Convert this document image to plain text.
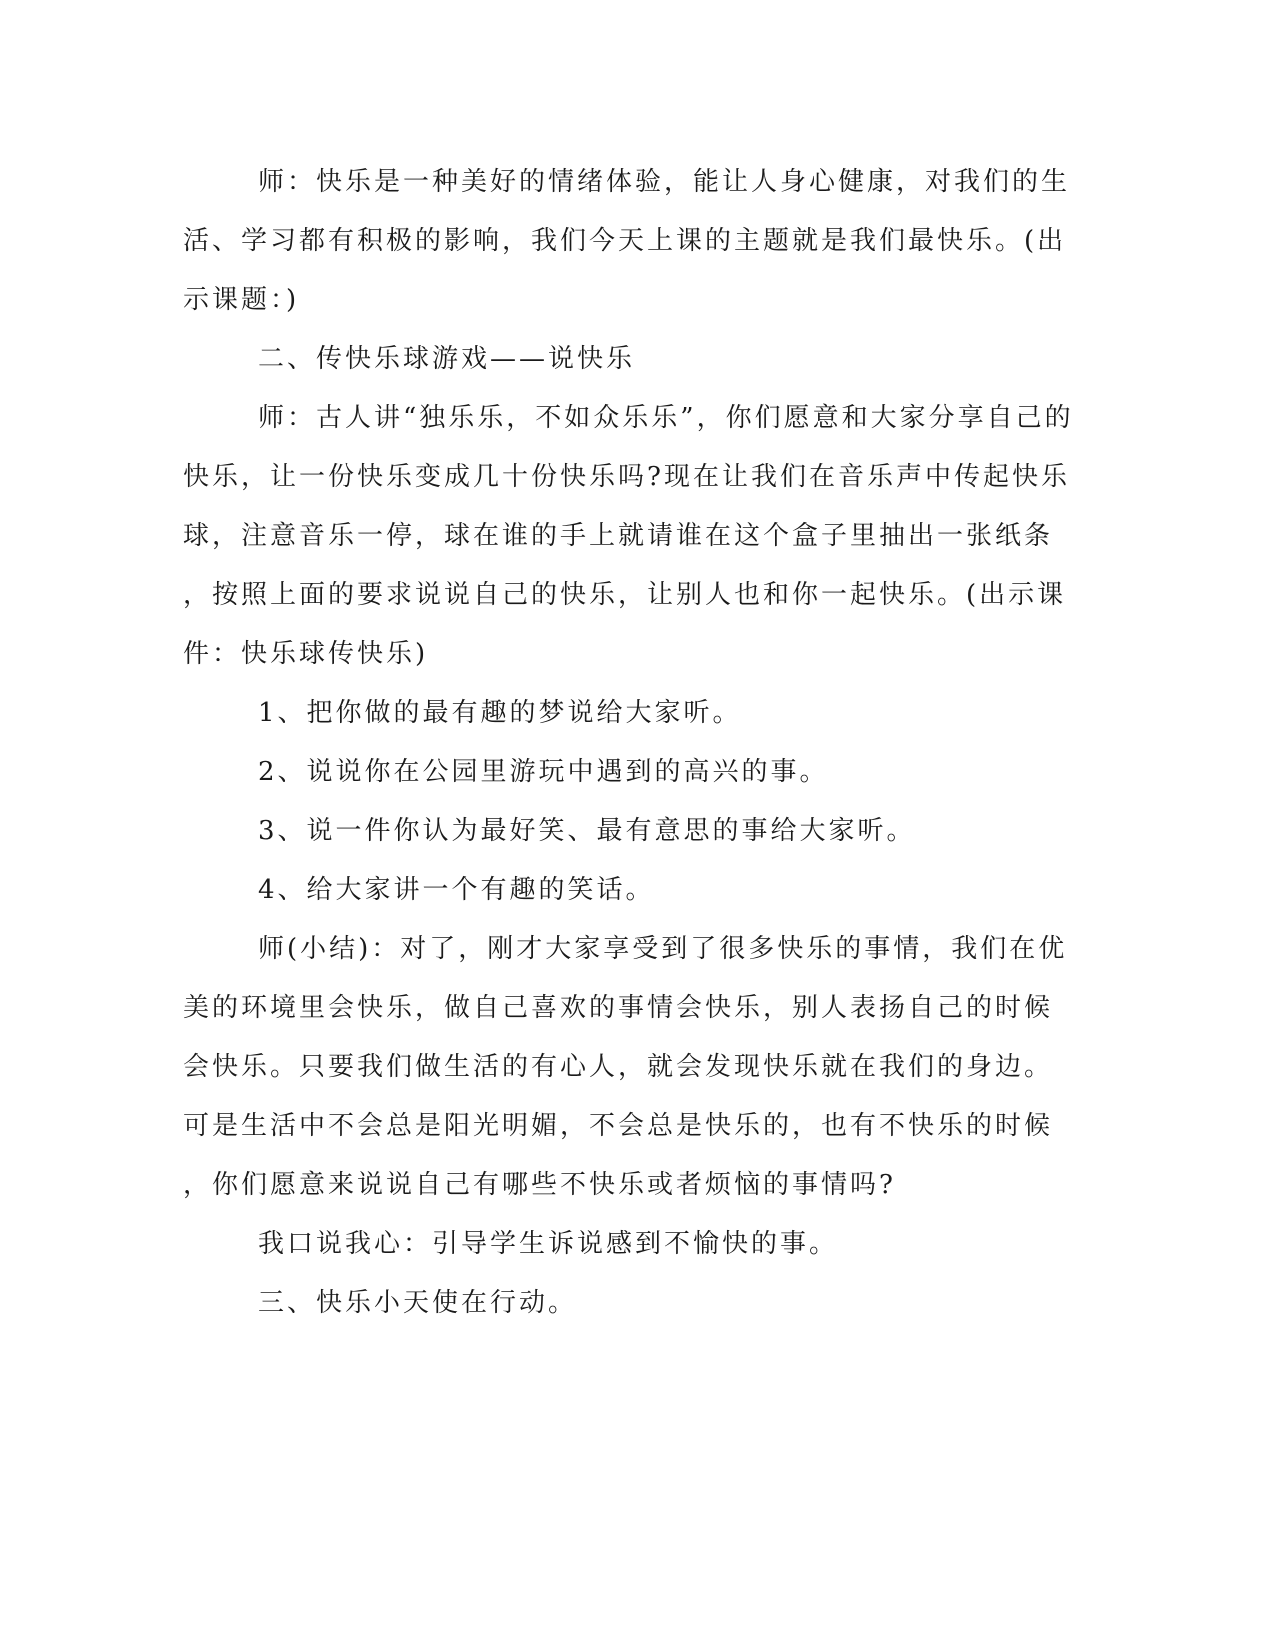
师：快乐是一种美好的情绪体验，能让人身心健康，对我们的生
活、学习都有积极的影响，我们今天上课的主题就是我们最快乐。(出
示课题：)
二、传快乐球游戏——说快乐
师：古人讲“独乐乐，不如众乐乐”，你们愿意和大家分享自己的
快乐，让一份快乐变成几十份快乐吗?现在让我们在音乐声中传起快乐
球，注意音乐一停，球在谁的手上就请谁在这个盒子里抽出一张纸条
，按照上面的要求说说自己的快乐，让别人也和你一起快乐。(出示课
件：快乐球传快乐)
1、把你做的最有趣的梦说给大家听。
2、说说你在公园里游玩中遇到的高兴的事。
3、说一件你认为最好笑、最有意思的事给大家听。
4、给大家讲一个有趣的笑话。
师(小结)：对了，刚才大家享受到了很多快乐的事情，我们在优
美的环境里会快乐，做自己喜欢的事情会快乐，别人表扬自己的时候
会快乐。只要我们做生活的有心人，就会发现快乐就在我们的身边。
可是生活中不会总是阳光明媚，不会总是快乐的，也有不快乐的时候
，你们愿意来说说自己有哪些不快乐或者烦恼的事情吗?
我口说我心：引导学生诉说感到不愉快的事。
三、快乐小天使在行动。
